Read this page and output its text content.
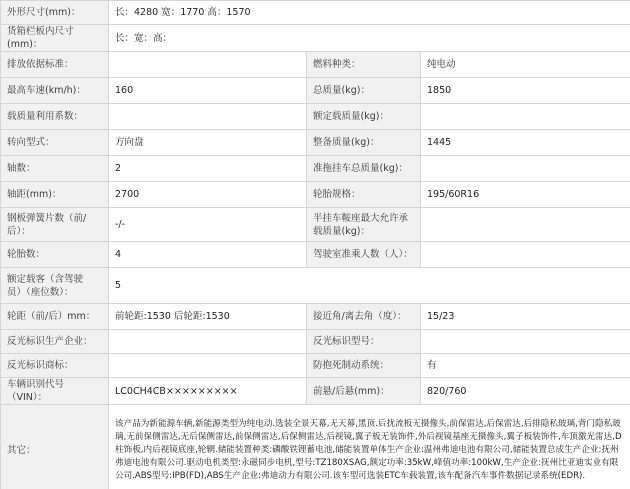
外形尺寸(mm)：	长：4280 宽：1770 高：1570		
货箱栏板内尺寸(mm)：	长：宽：高：		
排放依据标准：		燃料种类：	纯电动
最高车速(km/h)：	160	总质量(kg)：	1850
载质量利用系数：		额定载质量(kg)：	
转向型式：	方向盘	整备质量(kg)：	1445
轴数：	2	准拖挂车总质量(kg)：	
轴距(mm)：	2700	轮胎规格：	195/60R16
钢板弹簧片数（前/后）：	-/-	半挂车鞍座最大允许承载质量(kg)：	
轮胎数：	4	驾驶室准乘人数（人）：	
额定载客（含驾驶员）（座位数）：	5		
轮距（前/后）mm：	前轮距:1530 后轮距:1530	接近角/离去角（度）：	15/23
反光标识生产企业：		反光标识型号：	
反光标识商标：		防抱死制动系统：	有
车辆识别代号（VIN）：	LC0CH4CB×××××××××	前悬/后悬(mm)：	820/760
其它：	该产品为新能源车辆,新能源类型为纯电动.选装全景天幕,无天幕,黑顶.后扰流板无摄像头,前保雷达,后保雷达,后排隐私玻璃,背门隐私玻璃,无前保侧雷达,无后保侧雷达,前保侧雷达,后保侧雷达,后视镜,翼子板无装饰件,外后视镜基座无摄像头,翼子板装饰件,车顶激光雷达,D柱饰板,内后视镜底座,轮辋.储能装置种类:磷酸铁锂蓄电池,储能装置单体生产企业:温州弗迪电池有限公司,储能装置总成生产企业:抚州弗迪电池有限公司.驱动电机类型:永磁同步电机,型号:TZ180XSAG,额定功率:35kW,峰值功率:100kW,生产企业:抚州比亚迪实业有限公司.ABS型号:IPB(FD),ABS生产企业:弗迪动力有限公司.该车型可选装ETC车载装置,该车配备汽车事件数据记录系统(EDR).		
